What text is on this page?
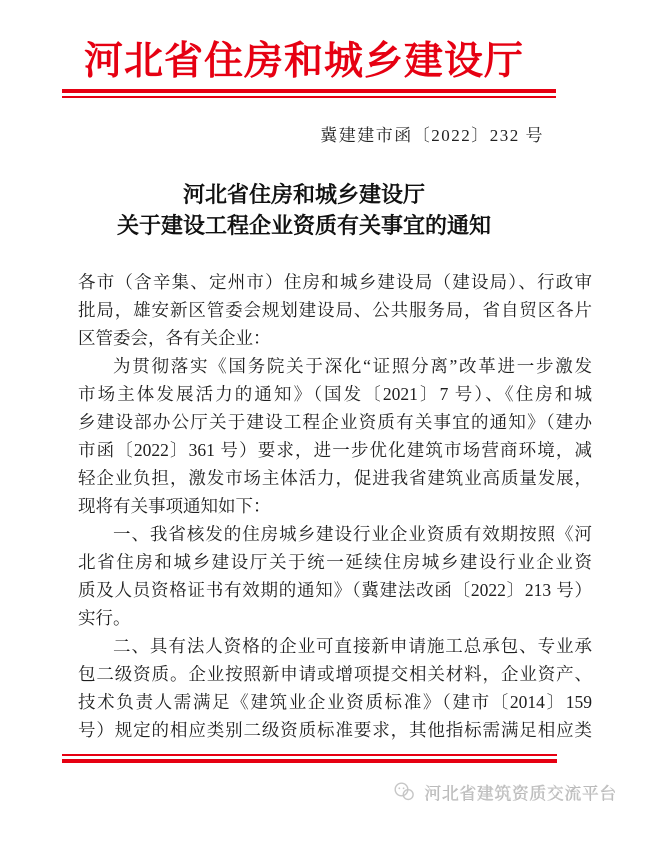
河北省住房和城乡建设厅
冀建建市函〔2022〕232 号
河北省住房和城乡建设厅
关于建设工程企业资质有关事宜的通知
各市（含辛集、定州市）住房和城乡建设局（建设局）、行政审
批局，雄安新区管委会规划建设局、公共服务局，省自贸区各片
区管委会，各有关企业：
为贯彻落实《国务院关于深化“证照分离”改革进一步激发
市场主体发展活力的通知》（国发〔2021〕7 号）、《住房和城
乡建设部办公厅关于建设工程企业资质有关事宜的通知》（建办
市函〔2022〕361 号）要求，进一步优化建筑市场营商环境，减
轻企业负担，激发市场主体活力，促进我省建筑业高质量发展，
现将有关事项通知如下：
一、我省核发的住房城乡建设行业企业资质有效期按照《河
北省住房和城乡建设厅关于统一延续住房城乡建设行业企业资
质及人员资格证书有效期的通知》（冀建法改函〔2022〕213 号）
实行。
二、具有法人资格的企业可直接新申请施工总承包、专业承
包二级资质。企业按照新申请或增项提交相关材料，企业资产、
技术负责人需满足《建筑业企业资质标准》（建市〔2014〕159
号）规定的相应类别二级资质标准要求，其他指标需满足相应类
河北省建筑资质交流平台
